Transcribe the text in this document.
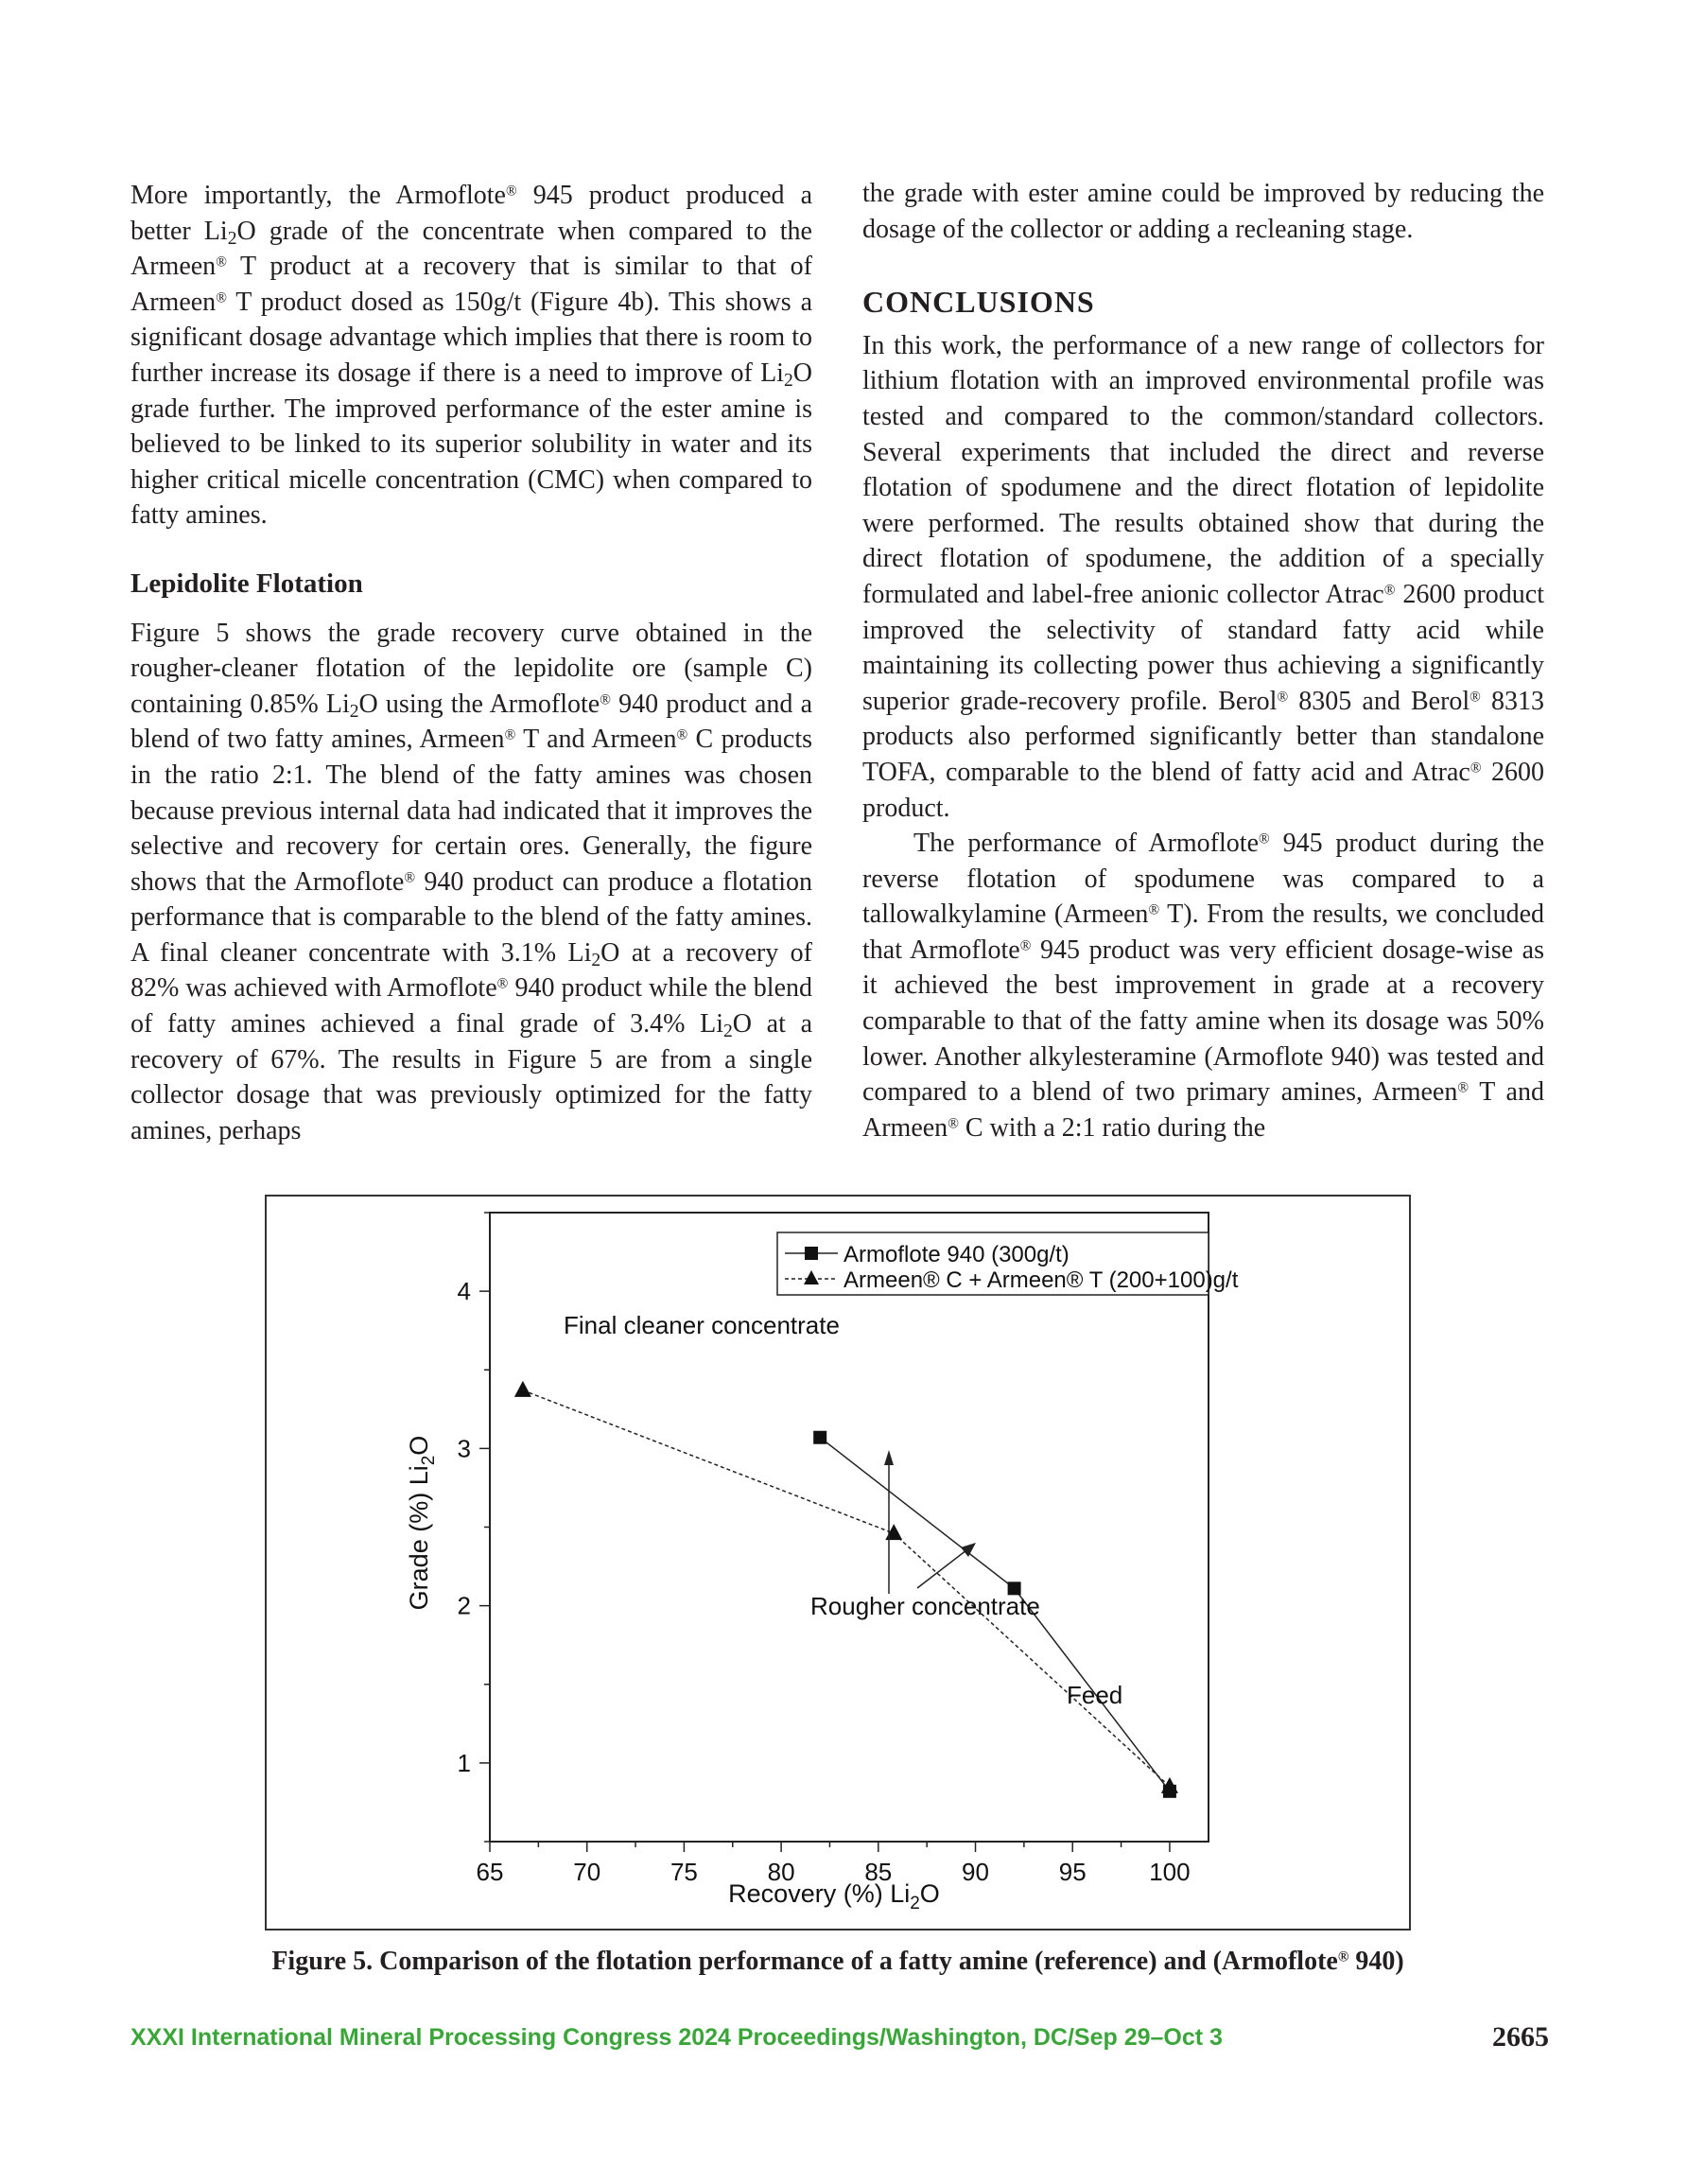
More importantly, the Armoflote® 945 product produced a better $Li_2O$ grade of the concentrate when compared to the Armeen® T product at a recovery that is similar to that of Armeen® T product dosed as 150g/t (Figure 4b). This shows a significant dosage advantage which implies that there is room to further increase its dosage if there is a need to improve of $Li_2O$ grade further. The improved performance of the ester amine is believed to be linked to its superior solubility in water and its higher critical micelle concentration (CMC) when compared to fatty amines.

Lepidolite Flotation

Figure 5 shows the grade recovery curve obtained in the rougher-cleaner flotation of the lepidolite ore (sample C) containing 0.85% $Li_2O$ using the Armoflote® 940 product and a blend of two fatty amines, Armeen® T and Armeen® C products in the ratio 2:1. The blend of the fatty amines was chosen because previous internal data had indicated that it improves the selective and recovery for certain ores. Generally, the figure shows that the Armoflote® 940 product can produce a flotation performance that is comparable to the blend of the fatty amines. A final cleaner concentrate with 3.1% $Li_2O$ at a recovery of 82% was achieved with Armoflote® 940 product while the blend of fatty amines achieved a final grade of 3.4% $Li_2O$ at a recovery of 67%. The results in Figure 5 are from a single collector dosage that was previously optimized for the fatty amines, perhaps

the grade with ester amine could be improved by reducing the dosage of the collector or adding a recleaning stage.

CONCLUSIONS

In this work, the performance of a new range of collectors for lithium flotation with an improved environmental profile was tested and compared to the common/standard collectors. Several experiments that included the direct and reverse flotation of spodumene and the direct flotation of lepidolite were performed. The results obtained show that during the direct flotation of spodumene, the addition of a specially formulated and label-free anionic collector Atrac® 2600 product improved the selectivity of standard fatty acid while maintaining its collecting power thus achieving a significantly superior grade-recovery profile. Berol® 8305 and Berol® 8313 products also performed significantly better than standalone TOFA, comparable to the blend of fatty acid and Atrac® 2600 product.

The performance of Armoflote® 945 product during the reverse flotation of spodumene was compared to a tallowalkylamine (Armeen® T). From the results, we concluded that Armoflote® 945 product was very efficient dosage-wise as it achieved the best improvement in grade at a recovery comparable to that of the fatty amine when its dosage was 50% lower. Another alkylesteramine (Armoflote 940) was tested and compared to a blend of two primary amines, Armeen® T and Armeen® C with a 2:1 ratio during the

65	70	75	80	85	90	95	100
1
2
3
4
Recovery (%) $Li_2O$
Grade (%) $Li_2O$
Armoflote 940 (300g/t)
Armeen® C + Armeen® T (200+100)g/t
Final cleaner concentrate
Rougher concentrate
Feed
Figure 5. Comparison of the flotation performance of a fatty amine (reference) and (Armoflote® 940)
XXXI International Mineral Processing Congress 2024 Proceedings/Washington, DC/Sep 29–Oct 3	2665
